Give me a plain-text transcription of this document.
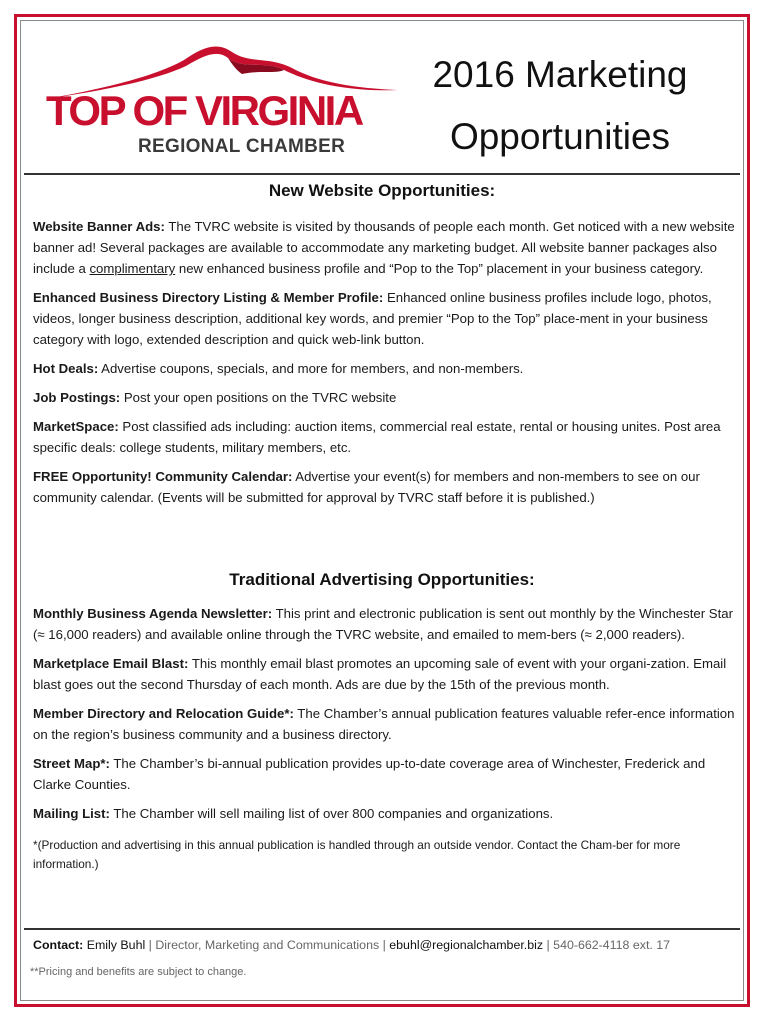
TOP OF VIRGINIA
REGIONAL CHAMBER
2016 Marketing
Opportunities
New Website Opportunities:

Website Banner Ads: The TVRC website is visited by thousands of people each month. Get noticed with a new website banner ad! Several packages are available to accommodate any marketing budget. All website banner packages also include a complimentary new enhanced business profile and “Pop to the Top” placement in your business category.

Enhanced Business Directory Listing & Member Profile: Enhanced online business profiles include logo, photos, videos, longer business description, additional key words, and premier “Pop to the Top” place-ment in your business category with logo, extended description and quick web-link button.

Hot Deals: Advertise coupons, specials, and more for members, and non-members.

Job Postings: Post your open positions on the TVRC website

MarketSpace: Post classified ads including: auction items, commercial real estate, rental or housing unites. Post area specific deals: college students, military members, etc.

FREE Opportunity! Community Calendar: Advertise your event(s) for members and non-members to see on our community calendar. (Events will be submitted for approval by TVRC staff before it is published.)

Traditional Advertising Opportunities:

Monthly Business Agenda Newsletter: This print and electronic publication is sent out monthly by the Winchester Star (≈ 16,000 readers) and available online through the TVRC website, and emailed to mem-bers (≈ 2,000 readers).

Marketplace Email Blast: This monthly email blast promotes an upcoming sale of event with your organi-zation. Email blast goes out the second Thursday of each month. Ads are due by the 15th of the previous month.

Member Directory and Relocation Guide*: The Chamber’s annual publication features valuable refer-ence information on the region’s business community and a business directory.

Street Map*: The Chamber’s bi-annual publication provides up-to-date coverage area of Winchester, Frederick and Clarke Counties.

Mailing List: The Chamber will sell mailing list of over 800 companies and organizations.

*(Production and advertising in this annual publication is handled through an outside vendor. Contact the Cham-ber for more information.)

Contact: Emily Buhl | Director, Marketing and Communications | ebuhl@regionalchamber.biz | 540-662-4118 ext. 17
**Pricing and benefits are subject to change.
